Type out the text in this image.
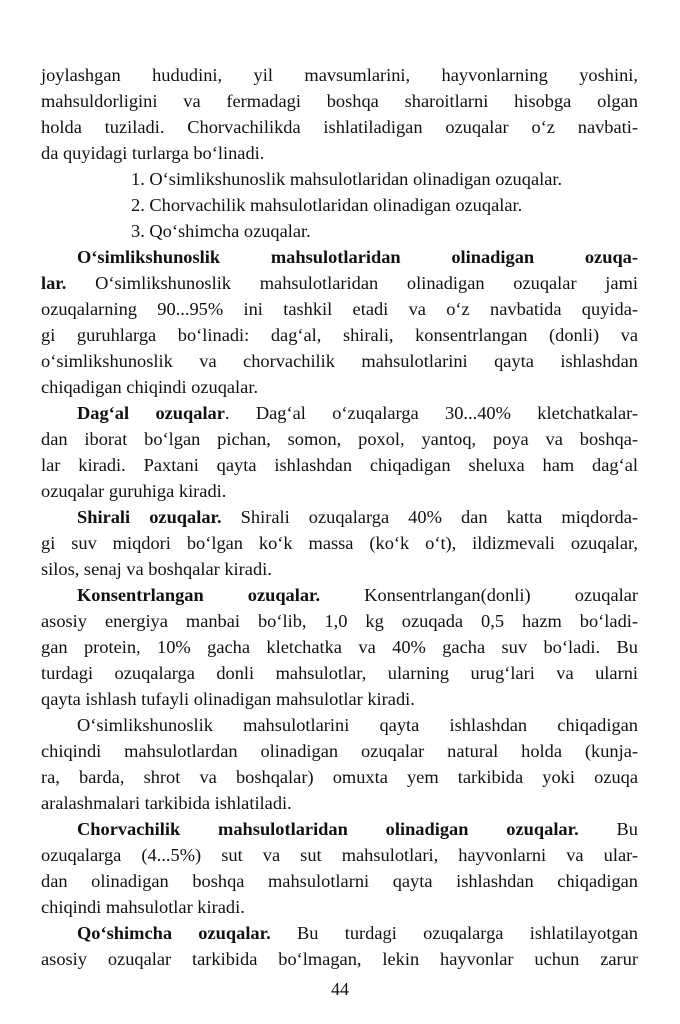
joylashgan hududini, yil mavsumlarini, hayvonlarning yoshini,
mahsuldorligini va fermadagi boshqa sharoitlarni hisobga olgan
holda tuziladi. Chorvachilikda ishlatiladigan ozuqalar o‘z navbati-
da quyidagi turlarga bo‘linadi.
1. O‘simlikshunoslik mahsulotlaridan olinadigan ozuqalar.
2. Chorvachilik mahsulotlaridan olinadigan ozuqalar.
3. Qo‘shimcha ozuqalar.
O‘simlikshunoslik mahsulotlaridan olinadigan ozuqa-
lar. O‘simlikshunoslik mahsulotlaridan olinadigan ozuqalar jami
ozuqalarning 90...95% ini tashkil etadi va o‘z navbatida quyida-
gi guruhlarga bo‘linadi: dag‘al, shirali, konsentrlangan (donli) va
o‘simlikshunoslik va chorvachilik mahsulotlarini qayta ishlashdan
chiqadigan chiqindi ozuqalar.
Dag‘al ozuqalar. Dag‘al o‘zuqalarga 30...40% kletchatkalar-
dan iborat bo‘lgan pichan, somon, poxol, yantoq, poya va boshqa-
lar kiradi. Paxtani qayta ishlashdan chiqadigan sheluxa ham dag‘al
ozuqalar guruhiga kiradi.
Shirali ozuqalar. Shirali ozuqalarga 40% dan katta miqdorda-
gi suv miqdori bo‘lgan ko‘k massa (ko‘k o‘t), ildizmevali ozuqalar,
silos, senaj va boshqalar kiradi.
Konsentrlangan ozuqalar. Konsentrlangan(donli) ozuqalar
asosiy energiya manbai bo‘lib, 1,0 kg ozuqada 0,5 hazm bo‘ladi-
gan protein, 10% gacha kletchatka va 40% gacha suv bo‘ladi. Bu
turdagi ozuqalarga donli mahsulotlar, ularning urug‘lari va ularni
qayta ishlash tufayli olinadigan mahsulotlar kiradi.
O‘simlikshunoslik mahsulotlarini qayta ishlashdan chiqadigan
chiqindi mahsulotlardan olinadigan ozuqalar natural holda (kunja-
ra, barda, shrot va boshqalar) omuxta yem tarkibida yoki ozuqa
aralashmalari tarkibida ishlatiladi.
Chorvachilik mahsulotlaridan olinadigan ozuqalar. Bu
ozuqalarga (4...5%) sut va sut mahsulotlari, hayvonlarni va ular-
dan olinadigan boshqa mahsulotlarni qayta ishlashdan chiqadigan
chiqindi mahsulotlar kiradi.
Qo‘shimcha ozuqalar. Bu turdagi ozuqalarga ishlatilayotgan
asosiy ozuqalar tarkibida bo‘lmagan, lekin hayvonlar uchun zarur
44
